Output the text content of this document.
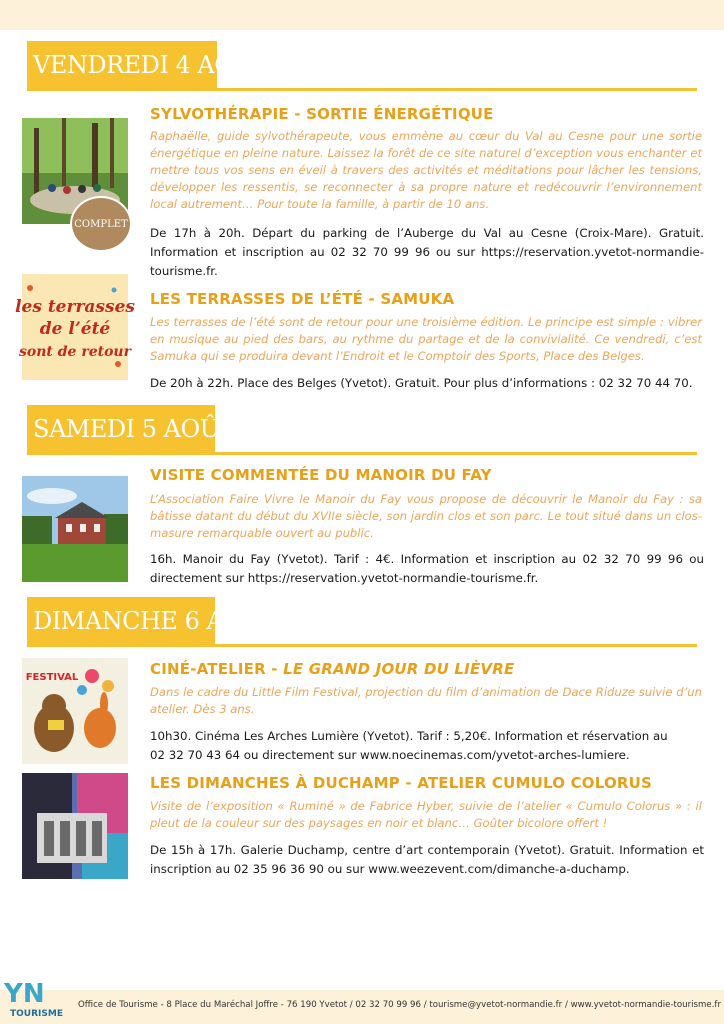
VENDREDI 4 AOÛT
COMPLET
SYLVOTHÉRAPIE - SORTIE ÉNERGÉTIQUE
Raphaëlle, guide sylvothérapeute, vous emmène au cœur du Val au Cesne pour une sortie énergétique en pleine nature. Laissez la forêt de ce site naturel d’exception vous enchanter et mettre tous vos sens en éveil à travers des activités et méditations pour lâcher les tensions, développer les ressentis, se reconnecter à sa propre nature et redécouvrir l’environnement local autrement… Pour toute la famille, à partir de 10 ans.
De 17h à 20h. Départ du parking de l’Auberge du Val au Cesne (Croix-Mare). Gratuit. Information et inscription au 02 32 70 99 96 ou sur https://reservation.yvetot-normandie-tourisme.fr.
les terrasses
de l’été
sont de retour
LES TERRASSES DE L’ÉTÉ - SAMUKA
Les terrasses de l’été sont de retour pour une troisième édition. Le principe est simple : vibrer en musique au pied des bars, au rythme du partage et de la convivialité. Ce vendredi, c’est Samuka qui se produira devant l’Endroit et le Comptoir des Sports, Place des Belges.
De 20h à 22h. Place des Belges (Yvetot). Gratuit. Pour plus d’informations : 02 32 70 44 70.
SAMEDI 5 AOÛT
VISITE COMMENTÉE DU MANOIR DU FAY
L’Association Faire Vivre le Manoir du Fay vous propose de découvrir le Manoir du Fay : sa bâtisse datant du début du XVIIe siècle, son jardin clos et son parc. Le tout situé dans un clos-masure remarquable ouvert au public.
16h. Manoir du Fay (Yvetot). Tarif : 4€. Information et inscription au 02 32 70 99 96 ou directement sur https://reservation.yvetot-normandie-tourisme.fr.
DIMANCHE 6 AOÛT
FESTIVAL	CINÉ-ATELIER - LE GRAND JOUR DU LIÈVRE
Dans le cadre du Little Film Festival, projection du film d’animation de Dace Riduze suivie d’un atelier. Dès 3 ans.
10h30. Cinéma Les Arches Lumière (Yvetot). Tarif : 5,20€. Information et réservation au
02 32 70 43 64 ou directement sur www.noecinemas.com/yvetot-arches-lumiere.
LES DIMANCHES À DUCHAMP - ATELIER CUMULO COLORUS
Visite de l’exposition « Ruminé » de Fabrice Hyber, suivie de l’atelier « Cumulo Colorus » : il pleut de la couleur sur des paysages en noir et blanc… Goûter bicolore offert !
De 15h à 17h. Galerie Duchamp, centre d’art contemporain (Yvetot). Gratuit. Information et inscription au 02 35 96 36 90 ou sur www.weezevent.com/dimanche-a-duchamp.
YN
TOURISME
Office de Tourisme - 8 Place du Maréchal Joffre - 76 190 Yvetot / 02 32 70 99 96 / tourisme@yvetot-normandie.fr / www.yvetot-normandie-tourisme.fr
